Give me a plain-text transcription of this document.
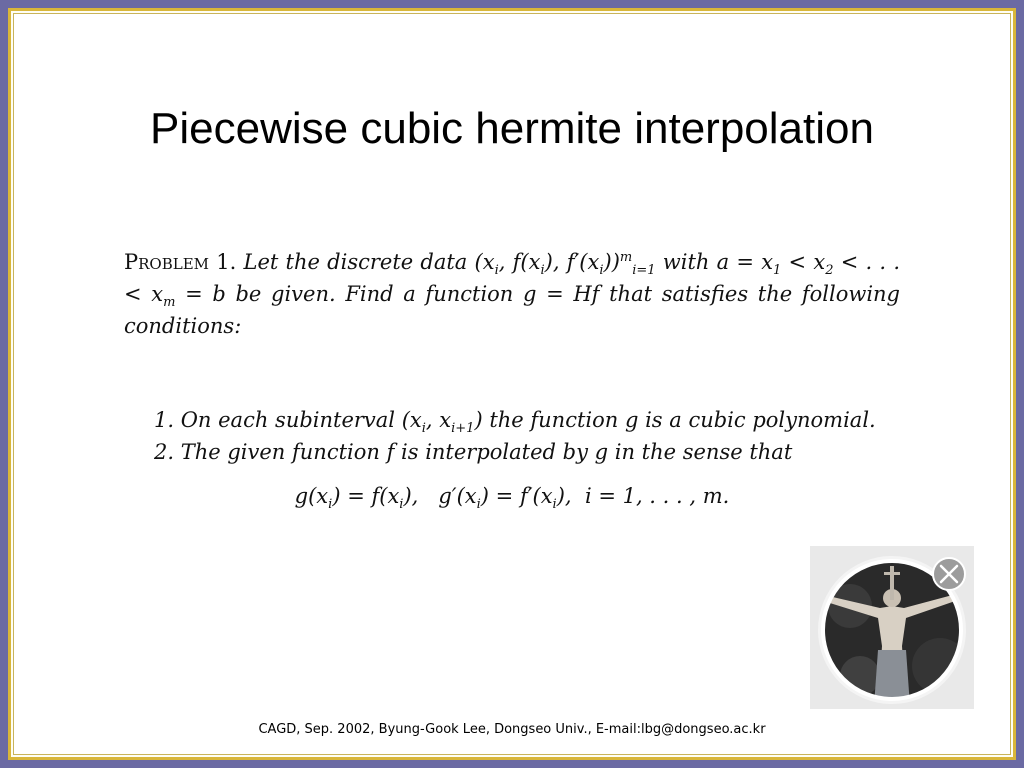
Piecewise cubic hermite interpolation
Problem 1. Let the discrete data ($x_i$, $f(x_i)$, $f'(x_i))^m_{i=1}$ with $a = x_1 < x_2$ < . . . < $x_m = b$ be given. Find a function g = Hf that satisfies the following conditions:
1. On each subinterval ($x_i$, $x_{i+1}$) the function g is a cubic polynomial.
2. The given function f is interpolated by g in the sense that
$g(x_i) = f(x_i)$,   $g'(x_i) = f'(x_i)$,  i = 1, . . . , m.
CAGD, Sep. 2002, Byung-Gook Lee, Dongseo Univ., E-mail:lbg@dongseo.ac.kr
